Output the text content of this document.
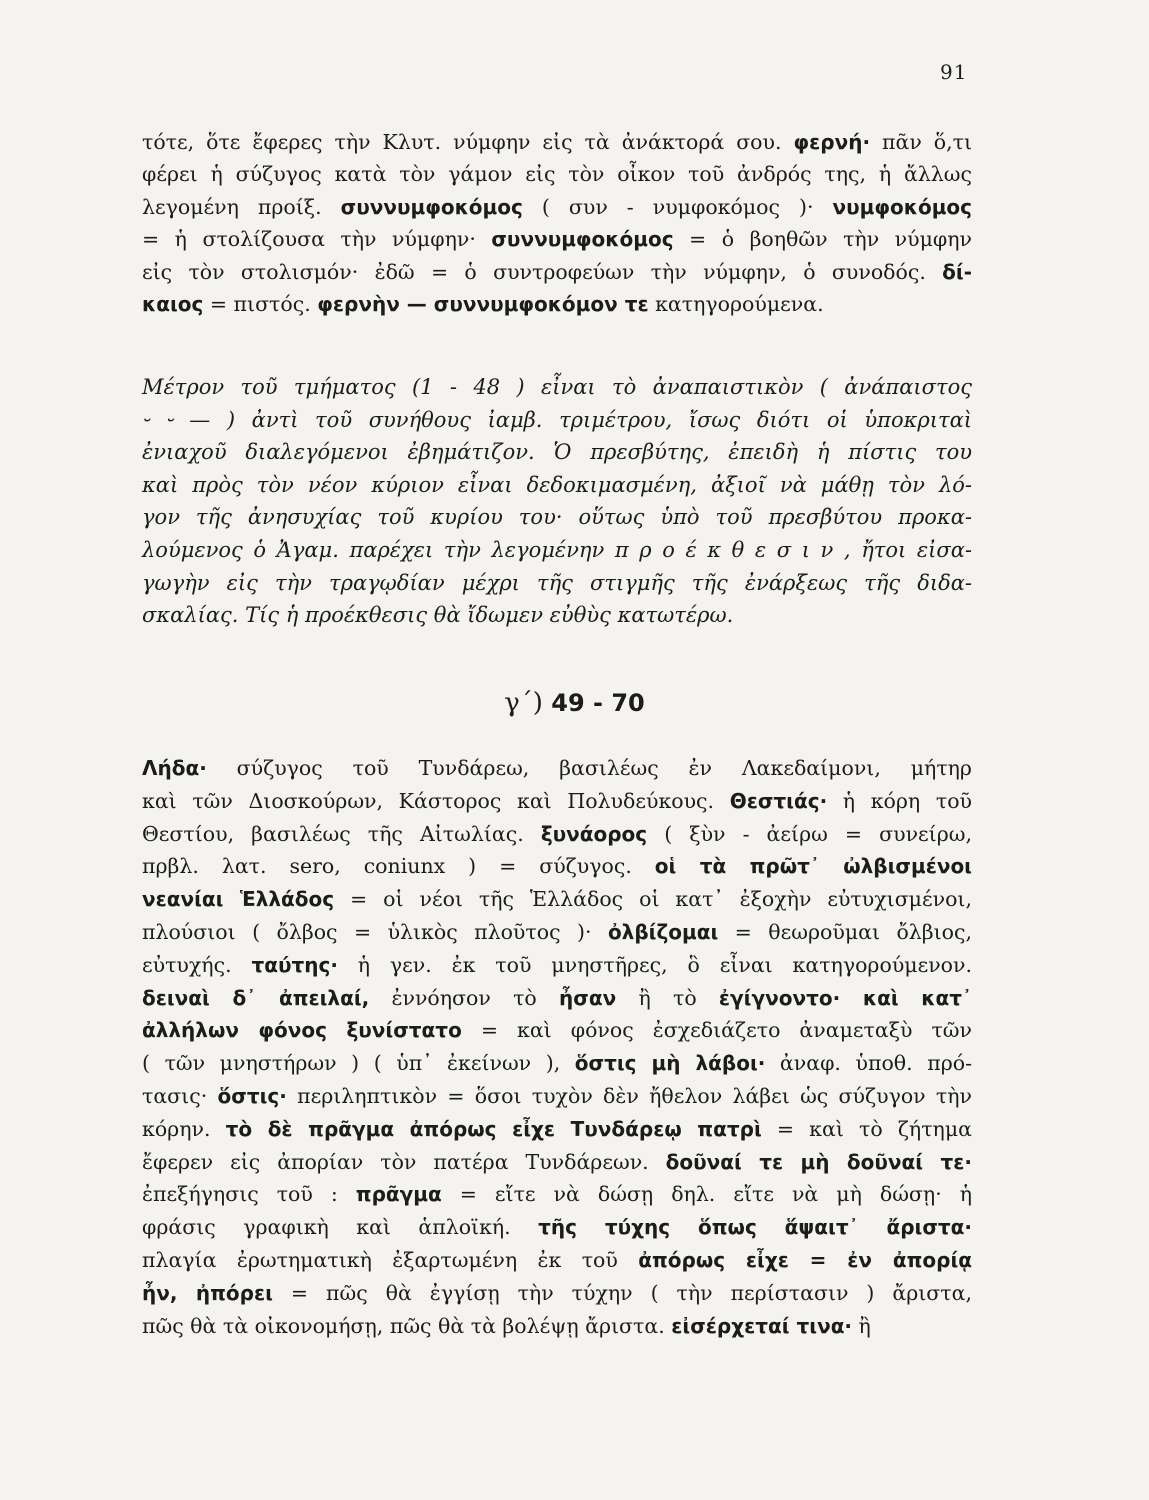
91

τότε, ὅτε ἔφερες τὴν Κλυτ. νύμφην εἰς τὰ ἀνάκτορά σου. φερνή· πᾶν ὅ,τι

φέρει ἡ σύζυγος κατὰ τὸν γάμον εἰς τὸν οἶκον τοῦ ἀνδρός της, ἡ ἄλλως

λεγομένη προίξ. συννυμφοκόμος ( συν - νυμφοκόμος )· νυμφοκόμος

= ἡ στολίζουσα τὴν νύμφην· συννυμφοκόμος = ὁ βοηθῶν τὴν νύμφην

εἰς τὸν στολισμόν· ἐδῶ = ὁ συντροφεύων τὴν νύμφην, ὁ συνοδός. δί-

καιος = πιστός. φερνὴν — συννυμφοκόμον τε κατηγορούμενα.

Μέτρον τοῦ τμήματος (1 - 48 ) εἶναι τὸ ἀναπαιστικὸν ( ἀνάπαιστος

⏑ ⏑ — ) ἀντὶ τοῦ συνήθους ἰαμβ. τριμέτρου, ἴσως διότι οἱ ὑποκριταὶ

ἐνιαχοῦ διαλεγόμενοι ἐβημάτιζον. Ὁ πρεσβύτης, ἐπειδὴ ἡ πίστις του

καὶ πρὸς τὸν νέον κύριον εἶναι δεδοκιμασμένη, ἀξιοῖ νὰ μάθῃ τὸν λό-

γον τῆς ἀνησυχίας τοῦ κυρίου του· οὕτως ὑπὸ τοῦ πρεσβύτου προκα-

λούμενος ὁ Ἀγαμ. παρέχει τὴν λεγομένην π ρ ο έ κ θ ε σ ι ν , ἤτοι εἰσα-

γωγὴν εἰς τὴν τραγῳδίαν μέχρι τῆς στιγμῆς τῆς ἐνάρξεως τῆς διδα-

σκαλίας. Τίς ἡ προέκθεσις θὰ ἴδωμεν εὐθὺς κατωτέρω.

γ΄) 49 - 70

Λήδα· σύζυγος τοῦ Τυνδάρεω, βασιλέως ἐν Λακεδαίμονι, μήτηρ

καὶ τῶν Διοσκούρων, Κάστορος καὶ Πολυδεύκους. Θεστιάς· ἡ κόρη τοῦ

Θεστίου, βασιλέως τῆς Αἰτωλίας. ξυνάορος ( ξὺν - ἀείρω = συνείρω,

πρβλ. λατ. sero, coniunx ) = σύζυγος. οἱ τὰ πρῶτ᾽ ὠλβισμένοι

νεανίαι Ἑλλάδος = οἱ νέοι τῆς Ἑλλάδος οἱ κατ᾽ ἐξοχὴν εὐτυχισμένοι,

πλούσιοι ( ὄλβος = ὑλικὸς πλοῦτος )· ὀλβίζομαι = θεωροῦμαι ὄλβιος,

εὐτυχής. ταύτης· ἡ γεν. ἐκ τοῦ μνηστῆρες, ὃ εἶναι κατηγορούμενον.

δειναὶ δ᾽ ἀπειλαί, ἐννόησον τὸ ἦσαν ἢ τὸ ἐγίγνοντο· καὶ κατ᾽

ἀλλήλων φόνος ξυνίστατο = καὶ φόνος ἐσχεδιάζετο ἀναμεταξὺ τῶν

( τῶν μνηστήρων ) ( ὑπ᾽ ἐκείνων ), ὅστις μὴ λάβοι· ἀναφ. ὑποθ. πρό-

τασις· ὅστις· περιληπτικὸν = ὅσοι τυχὸν δὲν ἤθελον λάβει ὡς σύζυγον τὴν

κόρην. τὸ δὲ πρᾶγμα ἀπόρως εἶχε Τυνδάρεῳ πατρὶ = καὶ τὸ ζήτημα

ἔφερεν εἰς ἀπορίαν τὸν πατέρα Τυνδάρεων. δοῦναί τε μὴ δοῦναί τε·

ἐπεξήγησις τοῦ : πρᾶγμα = εἴτε νὰ δώσῃ δηλ. εἴτε νὰ μὴ δώσῃ· ἡ

φράσις γραφικὴ καὶ ἁπλοϊκή. τῆς τύχης ὅπως ἅψαιτ᾽ ἄριστα·

πλαγία ἐρωτηματικὴ ἐξαρτωμένη ἐκ τοῦ ἀπόρως εἶχε = ἐν ἀπορίᾳ

ἦν, ἠπόρει = πῶς θὰ ἐγγίσῃ τὴν τύχην ( τὴν περίστασιν ) ἄριστα,

πῶς θὰ τὰ οἰκονομήσῃ, πῶς θὰ τὰ βολέψῃ ἄριστα. εἰσέρχεταί τινα· ἢ
